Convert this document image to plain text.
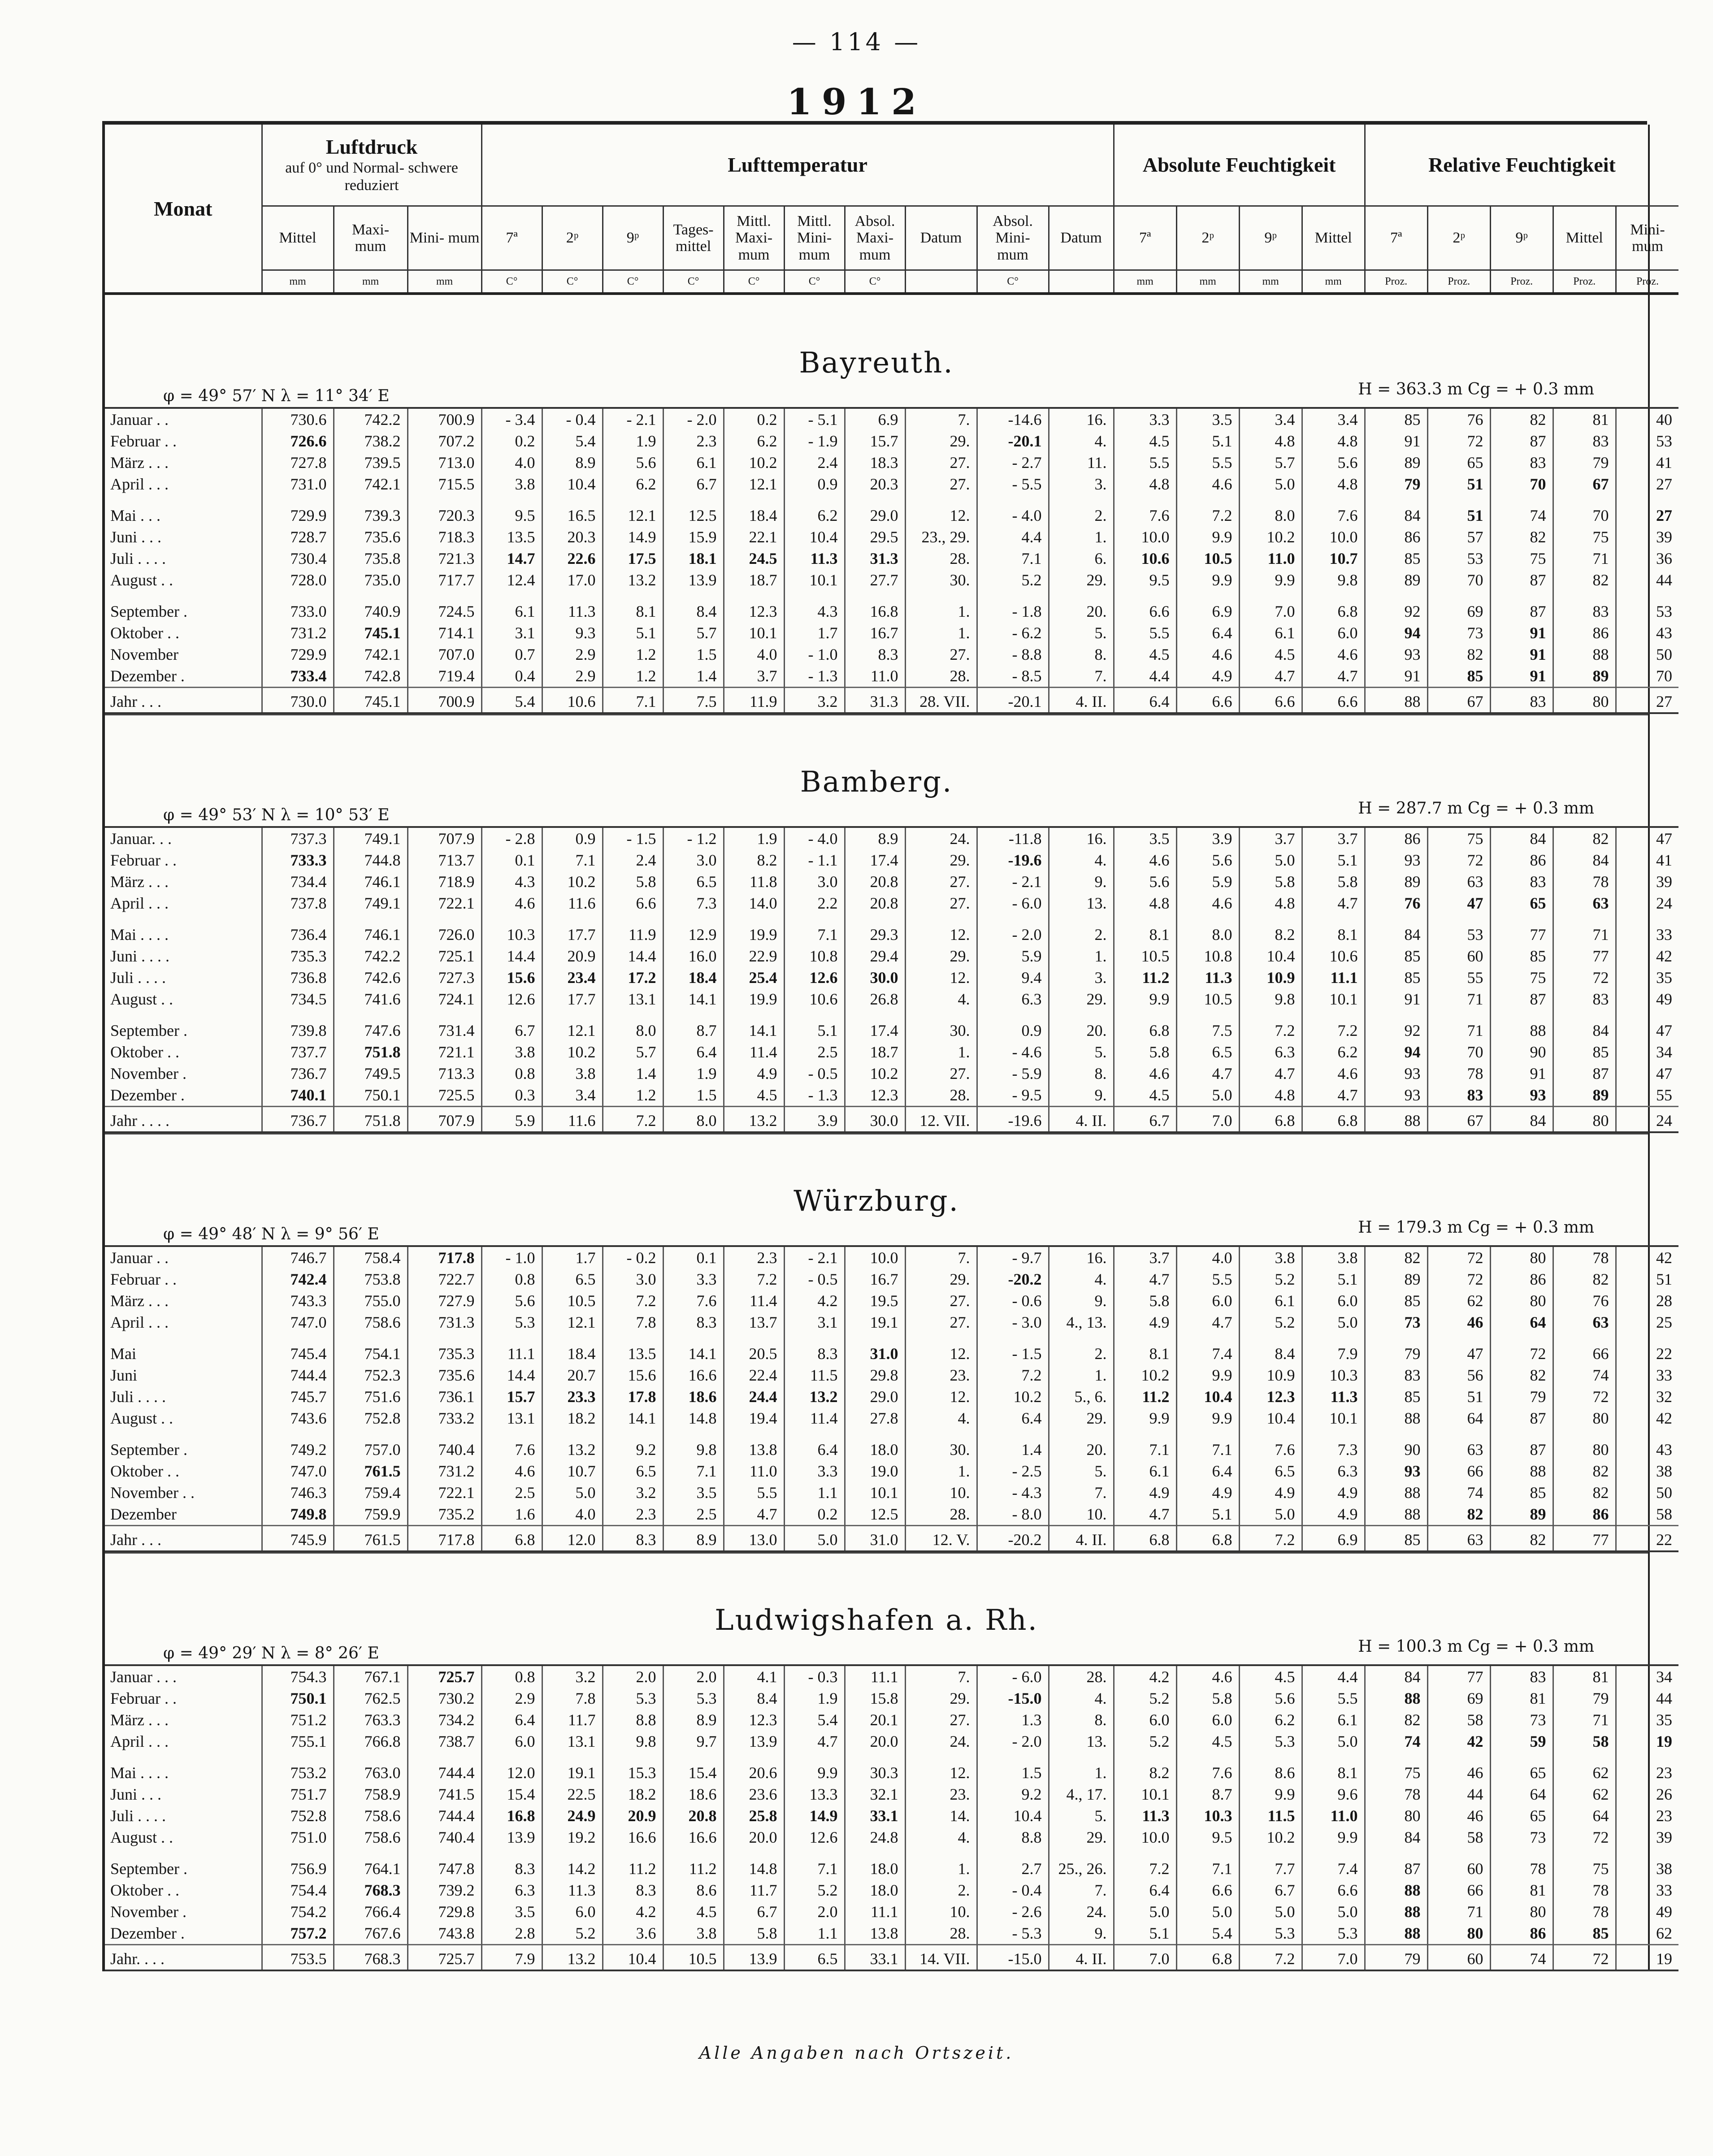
— 114 —
1912
Monat	Luftdruck
auf 0° und Normal- schwere reduziert			Lufttemperatur										Absolute Feuchtigkeit				Relative Feuchtigkeit				
	Mittel	Maxi- mum	Mini- mum	7ª	2ᵖ	9ᵖ	Tages- mittel	Mittl. Maxi- mum	Mittl. Mini- mum	Absol. Maxi- mum	Datum	Absol. Mini- mum	Datum	7ª	2ᵖ	9ᵖ	Mittel	7ª	2ᵖ	9ᵖ	Mittel	Mini- mum
	mm	mm	mm	C°	C°	C°	C°	C°	C°	C°		C°		mm	mm	mm	mm	Proz.	Proz.	Proz.	Proz.	Proz.
Bayreuth.
φ = 49° 57′ N λ = 11° 34′ E	H = 363.3 m Cg = + 0.3 mm
Januar . .	730.6	742.2	700.9	- 3.4	- 0.4	- 2.1	- 2.0	0.2	- 5.1	6.9	7.	-14.6	16.	3.3	3.5	3.4	3.4	85	76	82	81	40
Februar . .	726.6	738.2	707.2	0.2	5.4	1.9	2.3	6.2	- 1.9	15.7	29.	-20.1	4.	4.5	5.1	4.8	4.8	91	72	87	83	53
März . . .	727.8	739.5	713.0	4.0	8.9	5.6	6.1	10.2	2.4	18.3	27.	- 2.7	11.	5.5	5.5	5.7	5.6	89	65	83	79	41
April . . .	731.0	742.1	715.5	3.8	10.4	6.2	6.7	12.1	0.9	20.3	27.	- 5.5	3.	4.8	4.6	5.0	4.8	79	51	70	67	27
Mai . . .	729.9	739.3	720.3	9.5	16.5	12.1	12.5	18.4	6.2	29.0	12.	- 4.0	2.	7.6	7.2	8.0	7.6	84	51	74	70	27
Juni . . .	728.7	735.6	718.3	13.5	20.3	14.9	15.9	22.1	10.4	29.5	23., 29.	4.4	1.	10.0	9.9	10.2	10.0	86	57	82	75	39
Juli . . . .	730.4	735.8	721.3	14.7	22.6	17.5	18.1	24.5	11.3	31.3	28.	7.1	6.	10.6	10.5	11.0	10.7	85	53	75	71	36
August . .	728.0	735.0	717.7	12.4	17.0	13.2	13.9	18.7	10.1	27.7	30.	5.2	29.	9.5	9.9	9.9	9.8	89	70	87	82	44
September .	733.0	740.9	724.5	6.1	11.3	8.1	8.4	12.3	4.3	16.8	1.	- 1.8	20.	6.6	6.9	7.0	6.8	92	69	87	83	53
Oktober . .	731.2	745.1	714.1	3.1	9.3	5.1	5.7	10.1	1.7	16.7	1.	- 6.2	5.	5.5	6.4	6.1	6.0	94	73	91	86	43
November	729.9	742.1	707.0	0.7	2.9	1.2	1.5	4.0	- 1.0	8.3	27.	- 8.8	8.	4.5	4.6	4.5	4.6	93	82	91	88	50
Dezember .	733.4	742.8	719.4	0.4	2.9	1.2	1.4	3.7	- 1.3	11.0	28.	- 8.5	7.	4.4	4.9	4.7	4.7	91	85	91	89	70
Jahr . . .	730.0	745.1	700.9	5.4	10.6	7.1	7.5	11.9	3.2	31.3	28. VII.	-20.1	4. II.	6.4	6.6	6.6	6.6	88	67	83	80	27
Bamberg.
φ = 49° 53′ N λ = 10° 53′ E	H = 287.7 m Cg = + 0.3 mm
Januar. . .	737.3	749.1	707.9	- 2.8	0.9	- 1.5	- 1.2	1.9	- 4.0	8.9	24.	-11.8	16.	3.5	3.9	3.7	3.7	86	75	84	82	47
Februar . .	733.3	744.8	713.7	0.1	7.1	2.4	3.0	8.2	- 1.1	17.4	29.	-19.6	4.	4.6	5.6	5.0	5.1	93	72	86	84	41
März . . .	734.4	746.1	718.9	4.3	10.2	5.8	6.5	11.8	3.0	20.8	27.	- 2.1	9.	5.6	5.9	5.8	5.8	89	63	83	78	39
April . . .	737.8	749.1	722.1	4.6	11.6	6.6	7.3	14.0	2.2	20.8	27.	- 6.0	13.	4.8	4.6	4.8	4.7	76	47	65	63	24
Mai . . . .	736.4	746.1	726.0	10.3	17.7	11.9	12.9	19.9	7.1	29.3	12.	- 2.0	2.	8.1	8.0	8.2	8.1	84	53	77	71	33
Juni . . . .	735.3	742.2	725.1	14.4	20.9	14.4	16.0	22.9	10.8	29.4	29.	5.9	1.	10.5	10.8	10.4	10.6	85	60	85	77	42
Juli . . . .	736.8	742.6	727.3	15.6	23.4	17.2	18.4	25.4	12.6	30.0	12.	9.4	3.	11.2	11.3	10.9	11.1	85	55	75	72	35
August . .	734.5	741.6	724.1	12.6	17.7	13.1	14.1	19.9	10.6	26.8	4.	6.3	29.	9.9	10.5	9.8	10.1	91	71	87	83	49
September .	739.8	747.6	731.4	6.7	12.1	8.0	8.7	14.1	5.1	17.4	30.	0.9	20.	6.8	7.5	7.2	7.2	92	71	88	84	47
Oktober . .	737.7	751.8	721.1	3.8	10.2	5.7	6.4	11.4	2.5	18.7	1.	- 4.6	5.	5.8	6.5	6.3	6.2	94	70	90	85	34
November .	736.7	749.5	713.3	0.8	3.8	1.4	1.9	4.9	- 0.5	10.2	27.	- 5.9	8.	4.6	4.7	4.7	4.6	93	78	91	87	47
Dezember .	740.1	750.1	725.5	0.3	3.4	1.2	1.5	4.5	- 1.3	12.3	28.	- 9.5	9.	4.5	5.0	4.8	4.7	93	83	93	89	55
Jahr . . . .	736.7	751.8	707.9	5.9	11.6	7.2	8.0	13.2	3.9	30.0	12. VII.	-19.6	4. II.	6.7	7.0	6.8	6.8	88	67	84	80	24
Würzburg.
φ = 49° 48′ N λ = 9° 56′ E	H = 179.3 m Cg = + 0.3 mm
Januar . .	746.7	758.4	717.8	- 1.0	1.7	- 0.2	0.1	2.3	- 2.1	10.0	7.	- 9.7	16.	3.7	4.0	3.8	3.8	82	72	80	78	42
Februar . .	742.4	753.8	722.7	0.8	6.5	3.0	3.3	7.2	- 0.5	16.7	29.	-20.2	4.	4.7	5.5	5.2	5.1	89	72	86	82	51
März . . .	743.3	755.0	727.9	5.6	10.5	7.2	7.6	11.4	4.2	19.5	27.	- 0.6	9.	5.8	6.0	6.1	6.0	85	62	80	76	28
April . . .	747.0	758.6	731.3	5.3	12.1	7.8	8.3	13.7	3.1	19.1	27.	- 3.0	4., 13.	4.9	4.7	5.2	5.0	73	46	64	63	25
Mai	745.4	754.1	735.3	11.1	18.4	13.5	14.1	20.5	8.3	31.0	12.	- 1.5	2.	8.1	7.4	8.4	7.9	79	47	72	66	22
Juni	744.4	752.3	735.6	14.4	20.7	15.6	16.6	22.4	11.5	29.8	23.	7.2	1.	10.2	9.9	10.9	10.3	83	56	82	74	33
Juli . . . .	745.7	751.6	736.1	15.7	23.3	17.8	18.6	24.4	13.2	29.0	12.	10.2	5., 6.	11.2	10.4	12.3	11.3	85	51	79	72	32
August . .	743.6	752.8	733.2	13.1	18.2	14.1	14.8	19.4	11.4	27.8	4.	6.4	29.	9.9	9.9	10.4	10.1	88	64	87	80	42
September .	749.2	757.0	740.4	7.6	13.2	9.2	9.8	13.8	6.4	18.0	30.	1.4	20.	7.1	7.1	7.6	7.3	90	63	87	80	43
Oktober . .	747.0	761.5	731.2	4.6	10.7	6.5	7.1	11.0	3.3	19.0	1.	- 2.5	5.	6.1	6.4	6.5	6.3	93	66	88	82	38
November . .	746.3	759.4	722.1	2.5	5.0	3.2	3.5	5.5	1.1	10.1	10.	- 4.3	7.	4.9	4.9	4.9	4.9	88	74	85	82	50
Dezember	749.8	759.9	735.2	1.6	4.0	2.3	2.5	4.7	0.2	12.5	28.	- 8.0	10.	4.7	5.1	5.0	4.9	88	82	89	86	58
Jahr . . .	745.9	761.5	717.8	6.8	12.0	8.3	8.9	13.0	5.0	31.0	12. V.	-20.2	4. II.	6.8	6.8	7.2	6.9	85	63	82	77	22
Ludwigshafen a. Rh.
φ = 49° 29′ N λ = 8° 26′ E	H = 100.3 m Cg = + 0.3 mm
Januar . . .	754.3	767.1	725.7	0.8	3.2	2.0	2.0	4.1	- 0.3	11.1	7.	- 6.0	28.	4.2	4.6	4.5	4.4	84	77	83	81	34
Februar . .	750.1	762.5	730.2	2.9	7.8	5.3	5.3	8.4	1.9	15.8	29.	-15.0	4.	5.2	5.8	5.6	5.5	88	69	81	79	44
März . . .	751.2	763.3	734.2	6.4	11.7	8.8	8.9	12.3	5.4	20.1	27.	1.3	8.	6.0	6.0	6.2	6.1	82	58	73	71	35
April . . .	755.1	766.8	738.7	6.0	13.1	9.8	9.7	13.9	4.7	20.0	24.	- 2.0	13.	5.2	4.5	5.3	5.0	74	42	59	58	19
Mai . . . .	753.2	763.0	744.4	12.0	19.1	15.3	15.4	20.6	9.9	30.3	12.	1.5	1.	8.2	7.6	8.6	8.1	75	46	65	62	23
Juni . . .	751.7	758.9	741.5	15.4	22.5	18.2	18.6	23.6	13.3	32.1	23.	9.2	4., 17.	10.1	8.7	9.9	9.6	78	44	64	62	26
Juli . . . .	752.8	758.6	744.4	16.8	24.9	20.9	20.8	25.8	14.9	33.1	14.	10.4	5.	11.3	10.3	11.5	11.0	80	46	65	64	23
August . .	751.0	758.6	740.4	13.9	19.2	16.6	16.6	20.0	12.6	24.8	4.	8.8	29.	10.0	9.5	10.2	9.9	84	58	73	72	39
September .	756.9	764.1	747.8	8.3	14.2	11.2	11.2	14.8	7.1	18.0	1.	2.7	25., 26.	7.2	7.1	7.7	7.4	87	60	78	75	38
Oktober . .	754.4	768.3	739.2	6.3	11.3	8.3	8.6	11.7	5.2	18.0	2.	- 0.4	7.	6.4	6.6	6.7	6.6	88	66	81	78	33
November .	754.2	766.4	729.8	3.5	6.0	4.2	4.5	6.7	2.0	11.1	10.	- 2.6	24.	5.0	5.0	5.0	5.0	88	71	80	78	49
Dezember .	757.2	767.6	743.8	2.8	5.2	3.6	3.8	5.8	1.1	13.8	28.	- 5.3	9.	5.1	5.4	5.3	5.3	88	80	86	85	62
Jahr. . . .	753.5	768.3	725.7	7.9	13.2	10.4	10.5	13.9	6.5	33.1	14. VII.	-15.0	4. II.	7.0	6.8	7.2	7.0	79	60	74	72	19
Alle Angaben nach Ortszeit.
